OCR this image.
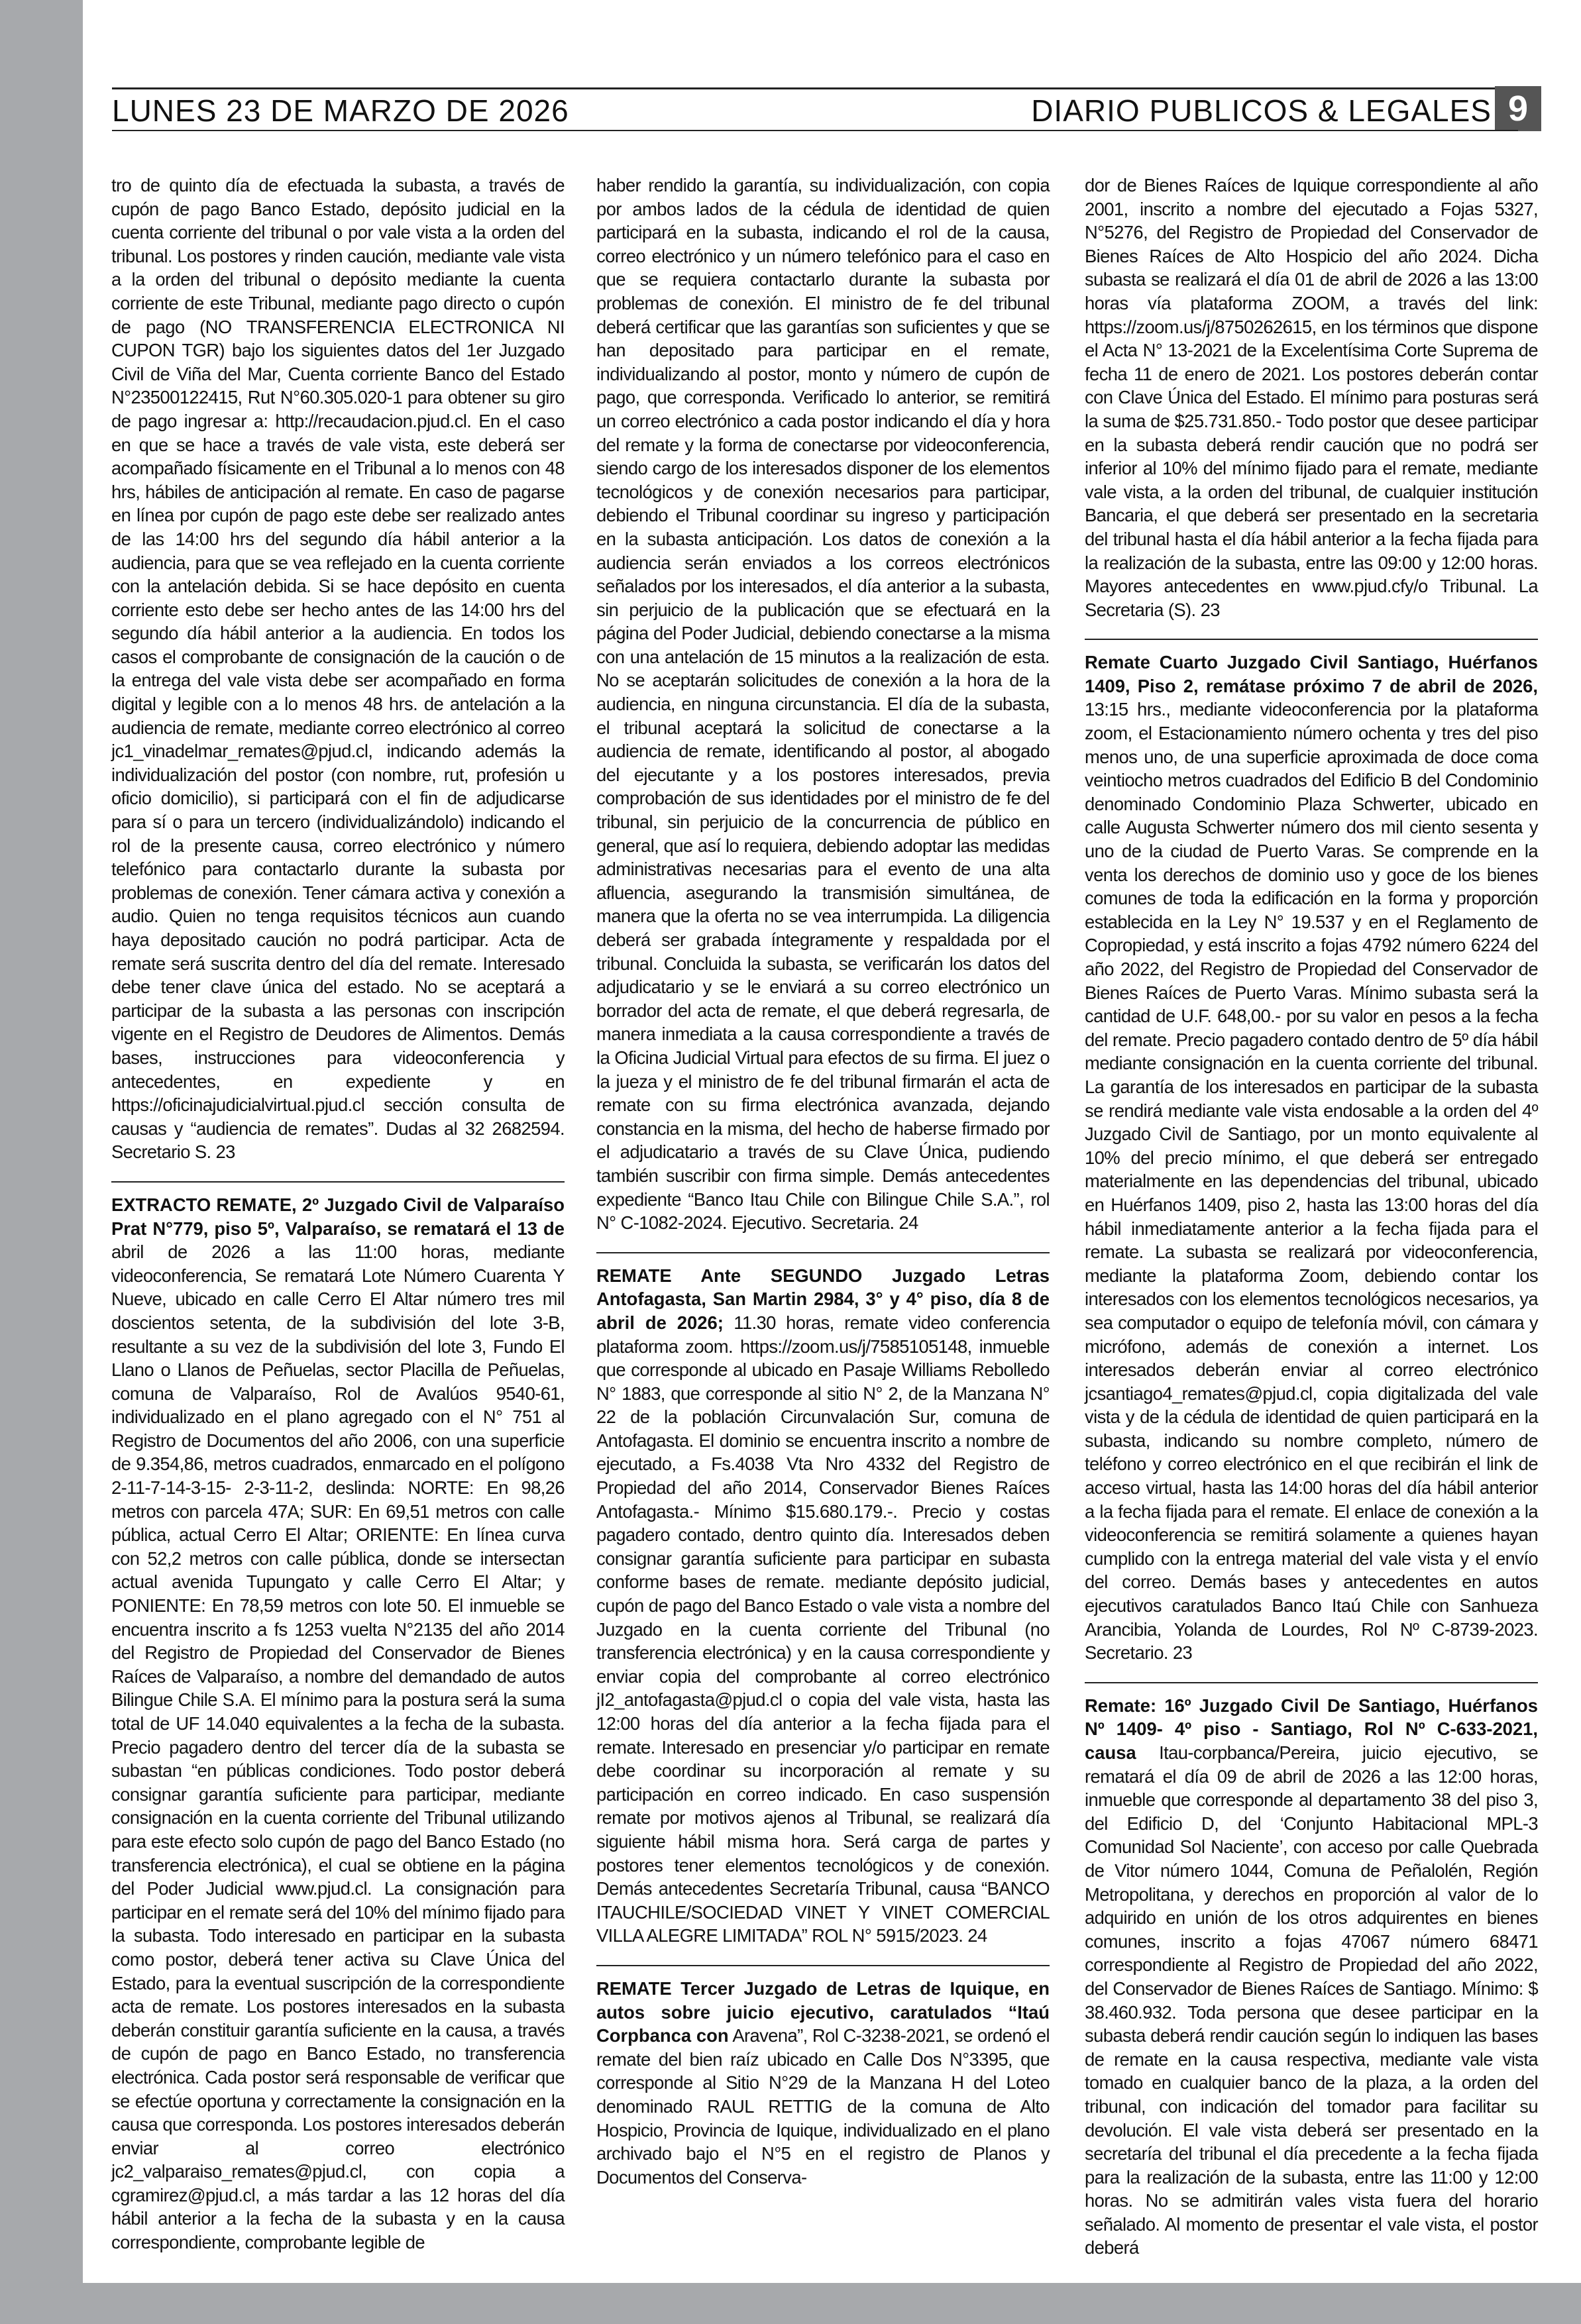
LUNES 23 DE MARZO DE 2026	DIARIO PUBLICOS & LEGALES 9

tro de quinto día de efectuada la subasta, a través de cupón de pago Banco Estado, depósito judicial en la cuenta corriente del tribunal o por vale vista a la orden del tribunal. Los postores y rinden caución, mediante vale vista a la orden del tribunal o depósito mediante la cuenta corriente de este Tribunal, mediante pago directo o cupón de pago (NO TRANSFERENCIA ELECTRONICA NI CUPON TGR) bajo los siguientes datos del 1er Juzgado Civil de Viña del Mar, Cuenta corriente Banco del Estado N°23500122415, Rut N°60.305.020-1 para obtener su giro de pago ingresar a: http://recaudacion.pjud.cl. En el caso en que se hace a través de vale vista, este deberá ser acompañado físicamente en el Tribunal a lo menos con 48 hrs, hábiles de anticipación al remate. En caso de pagarse en línea por cupón de pago este debe ser realizado antes de las 14:00 hrs del segundo día hábil anterior a la audiencia, para que se vea reflejado en la cuenta corriente con la antelación debida. Si se hace depósito en cuenta corriente esto debe ser hecho antes de las 14:00 hrs del segundo día hábil anterior a la audiencia. En todos los casos el comprobante de consignación de la caución o de la entrega del vale vista debe ser acompañado en forma digital y legible con a lo menos 48 hrs. de antelación a la audiencia de remate, mediante correo electrónico al correo jc1_vinadelmar_remates@pjud.cl, indicando además la individualización del postor (con nombre, rut, profesión u oficio domicilio), si participará con el fin de adjudicarse para sí o para un tercero (individualizándolo) indicando el rol de la presente causa, correo electrónico y número telefónico para contactarlo durante la subasta por problemas de conexión. Tener cámara activa y conexión a audio. Quien no tenga requisitos técnicos aun cuando haya depositado caución no podrá participar. Acta de remate será suscrita dentro del día del remate. Interesado debe tener clave única del estado. No se aceptará a participar de la subasta a las personas con inscripción vigente en el Registro de Deudores de Alimentos. Demás bases, instrucciones para videoconferencia y antecedentes, en expediente y en https://oficinajudicialvirtual.pjud.cl sección consulta de causas y “audiencia de remates”. Dudas al 32 2682594. Secretario S. 23

EXTRACTO REMATE, 2º Juzgado Civil de Valparaíso Prat N°779, piso 5º, Valparaíso, se rematará el 13 de abril de 2026 a las 11:00 horas, mediante videoconferencia, Se rematará Lote Número Cuarenta Y Nueve, ubicado en calle Cerro El Altar número tres mil doscientos setenta, de la subdivisión del lote 3-B, resultante a su vez de la subdivisión del lote 3, Fundo El Llano o Llanos de Peñuelas, sector Placilla de Peñuelas, comuna de Valparaíso, Rol de Avalúos 9540-61, individualizado en el plano agregado con el N° 751 al Registro de Documentos del año 2006, con una superficie de 9.354,86, metros cuadrados, enmarcado en el polígono 2-11-7-14-3-15- 2-3-11-2, deslinda: NORTE: En 98,26 metros con parcela 47A; SUR: En 69,51 metros con calle pública, actual Cerro El Altar; ORIENTE: En línea curva con 52,2 metros con calle pública, donde se intersectan actual avenida Tupungato y calle Cerro El Altar; y PONIENTE: En 78,59 metros con lote 50. El inmueble se encuentra inscrito a fs 1253 vuelta N°2135 del año 2014 del Registro de Propiedad del Conservador de Bienes Raíces de Valparaíso, a nombre del demandado de autos Bilingue Chile S.A. El mínimo para la postura será la suma total de UF 14.040 equivalentes a la fecha de la subasta. Precio pagadero dentro del tercer día de la subasta se subastan “en públicas condiciones. Todo postor deberá consignar garantía suficiente para participar, mediante consignación en la cuenta corriente del Tribunal utilizando para este efecto solo cupón de pago del Banco Estado (no transferencia electrónica), el cual se obtiene en la página del Poder Judicial www.pjud.cl. La consignación para participar en el remate será del 10% del mínimo fijado para la subasta. Todo interesado en participar en la subasta como postor, deberá tener activa su Clave Única del Estado, para la eventual suscripción de la correspondiente acta de remate. Los postores interesados en la subasta deberán constituir garantía suficiente en la causa, a través de cupón de pago en Banco Estado, no transferencia electrónica. Cada postor será responsable de verificar que se efectúe oportuna y correctamente la consignación en la causa que corresponda. Los postores interesados deberán enviar al correo electrónico jc2_valparaiso_remates@pjud.cl, con copia a cgramirez@pjud.cl, a más tardar a las 12 horas del día hábil anterior a la fecha de la subasta y en la causa correspondiente, comprobante legible de

haber rendido la garantía, su individualización, con copia por ambos lados de la cédula de identidad de quien participará en la subasta, indicando el rol de la causa, correo electrónico y un número telefónico para el caso en que se requiera contactarlo durante la subasta por problemas de conexión. El ministro de fe del tribunal deberá certificar que las garantías son suficientes y que se han depositado para participar en el remate, individualizando al postor, monto y número de cupón de pago, que corresponda. Verificado lo anterior, se remitirá un correo electrónico a cada postor indicando el día y hora del remate y la forma de conectarse por videoconferencia, siendo cargo de los interesados disponer de los elementos tecnológicos y de conexión necesarios para participar, debiendo el Tribunal coordinar su ingreso y participación en la subasta anticipación. Los datos de conexión a la audiencia serán enviados a los correos electrónicos señalados por los interesados, el día anterior a la subasta, sin perjuicio de la publicación que se efectuará en la página del Poder Judicial, debiendo conectarse a la misma con una antelación de 15 minutos a la realización de esta. No se aceptarán solicitudes de conexión a la hora de la audiencia, en ninguna circunstancia. El día de la subasta, el tribunal aceptará la solicitud de conectarse a la audiencia de remate, identificando al postor, al abogado del ejecutante y a los postores interesados, previa comprobación de sus identidades por el ministro de fe del tribunal, sin perjuicio de la concurrencia de público en general, que así lo requiera, debiendo adoptar las medidas administrativas necesarias para el evento de una alta afluencia, asegurando la transmisión simultánea, de manera que la oferta no se vea interrumpida. La diligencia deberá ser grabada íntegramente y respaldada por el tribunal. Concluida la subasta, se verificarán los datos del adjudicatario y se le enviará a su correo electrónico un borrador del acta de remate, el que deberá regresarla, de manera inmediata a la causa correspondiente a través de la Oficina Judicial Virtual para efectos de su firma. El juez o la jueza y el ministro de fe del tribunal firmarán el acta de remate con su firma electrónica avanzada, dejando constancia en la misma, del hecho de haberse firmado por el adjudicatario a través de su Clave Única, pudiendo también suscribir con firma simple. Demás antecedentes expediente “Banco Itau Chile con Bilingue Chile S.A.”, rol N° C-1082-2024. Ejecutivo. Secretaria. 24

REMATE Ante SEGUNDO Juzgado Letras Antofagasta, San Martin 2984, 3° y 4° piso, día 8 de abril de 2026; 11.30 horas, remate video conferencia plataforma zoom. https://zoom.us/j/7585105148, inmueble que corresponde al ubicado en Pasaje Williams Rebolledo N° 1883, que corresponde al sitio N° 2, de la Manzana N° 22 de la población Circunvalación Sur, comuna de Antofagasta. El dominio se encuentra inscrito a nombre de ejecutado, a Fs.4038 Vta Nro 4332 del Registro de Propiedad del año 2014, Conservador Bienes Raíces Antofagasta.- Mínimo $15.680.179.-. Precio y costas pagadero contado, dentro quinto día. Interesados deben consignar garantía suficiente para participar en subasta conforme bases de remate. mediante depósito judicial, cupón de pago del Banco Estado o vale vista a nombre del Juzgado en la cuenta corriente del Tribunal (no transferencia electrónica) y en la causa correspondiente y enviar copia del comprobante al correo electrónico jI2_antofagasta@pjud.cl o copia del vale vista, hasta las 12:00 horas del día anterior a la fecha fijada para el remate. Interesado en presenciar y/o participar en remate debe coordinar su incorporación al remate y su participación en correo indicado. En caso suspensión remate por motivos ajenos al Tribunal, se realizará día siguiente hábil misma hora. Será carga de partes y postores tener elementos tecnológicos y de conexión. Demás antecedentes Secretaría Tribunal, causa “BANCO ITAUCHILE/SOCIEDAD VINET Y VINET COMERCIAL VILLA ALEGRE LIMITADA” ROL N° 5915/2023. 24

REMATE Tercer Juzgado de Letras de Iquique, en autos sobre juicio ejecutivo, caratulados “Itaú Corpbanca con Aravena”, Rol C-3238-2021, se ordenó el remate del bien raíz ubicado en Calle Dos N°3395, que corresponde al Sitio N°29 de la Manzana H del Loteo denominado RAUL RETTIG de la comuna de Alto Hospicio, Provincia de Iquique, individualizado en el plano archivado bajo el N°5 en el registro de Planos y Documentos del Conserva-

dor de Bienes Raíces de Iquique correspondiente al año 2001, inscrito a nombre del ejecutado a Fojas 5327, N°5276, del Registro de Propiedad del Conservador de Bienes Raíces de Alto Hospicio del año 2024. Dicha subasta se realizará el día 01 de abril de 2026 a las 13:00 horas vía plataforma ZOOM, a través del link: https://zoom.us/j/8750262615, en los términos que dispone el Acta N° 13-2021 de la Excelentísima Corte Suprema de fecha 11 de enero de 2021. Los postores deberán contar con Clave Única del Estado. El mínimo para posturas será la suma de $25.731.850.- Todo postor que desee participar en la subasta deberá rendir caución que no podrá ser inferior al 10% del mínimo fijado para el remate, mediante vale vista, a la orden del tribunal, de cualquier institución Bancaria, el que deberá ser presentado en la secretaria del tribunal hasta el día hábil anterior a la fecha fijada para la realización de la subasta, entre las 09:00 y 12:00 horas. Mayores antecedentes en www.pjud.cfy/o Tribunal. La Secretaria (S). 23

Remate Cuarto Juzgado Civil Santiago, Huérfanos 1409, Piso 2, remátase próximo 7 de abril de 2026, 13:15 hrs., mediante videoconferencia por la plataforma zoom, el Estacionamiento número ochenta y tres del piso menos uno, de una superficie aproximada de doce coma veintiocho metros cuadrados del Edificio B del Condominio denominado Condominio Plaza Schwerter, ubicado en calle Augusta Schwerter número dos mil ciento sesenta y uno de la ciudad de Puerto Varas. Se comprende en la venta los derechos de dominio uso y goce de los bienes comunes de toda la edificación en la forma y proporción establecida en la Ley N° 19.537 y en el Reglamento de Copropiedad, y está inscrito a fojas 4792 número 6224 del año 2022, del Registro de Propiedad del Conservador de Bienes Raíces de Puerto Varas. Mínimo subasta será la cantidad de U.F. 648,00.- por su valor en pesos a la fecha del remate. Precio pagadero contado dentro de 5º día hábil mediante consignación en la cuenta corriente del tribunal. La garantía de los interesados en participar de la subasta se rendirá mediante vale vista endosable a la orden del 4º Juzgado Civil de Santiago, por un monto equivalente al 10% del precio mínimo, el que deberá ser entregado materialmente en las dependencias del tribunal, ubicado en Huérfanos 1409, piso 2, hasta las 13:00 horas del día hábil inmediatamente anterior a la fecha fijada para el remate. La subasta se realizará por videoconferencia, mediante la plataforma Zoom, debiendo contar los interesados con los elementos tecnológicos necesarios, ya sea computador o equipo de telefonía móvil, con cámara y micrófono, además de conexión a internet. Los interesados deberán enviar al correo electrónico jcsantiago4_remates@pjud.cl, copia digitalizada del vale vista y de la cédula de identidad de quien participará en la subasta, indicando su nombre completo, número de teléfono y correo electrónico en el que recibirán el link de acceso virtual, hasta las 14:00 horas del día hábil anterior a la fecha fijada para el remate. El enlace de conexión a la videoconferencia se remitirá solamente a quienes hayan cumplido con la entrega material del vale vista y el envío del correo. Demás bases y antecedentes en autos ejecutivos caratulados Banco Itaú Chile con Sanhueza Arancibia, Yolanda de Lourdes, Rol Nº C-8739-2023. Secretario. 23

Remate: 16º Juzgado Civil De Santiago, Huérfanos Nº 1409- 4º piso - Santiago, Rol Nº C-633-2021, causa Itau-corpbanca/Pereira, juicio ejecutivo, se rematará el día 09 de abril de 2026 a las 12:00 horas, inmueble que corresponde al departamento 38 del piso 3, del Edificio D, del ‘Conjunto Habitacional MPL-3 Comunidad Sol Naciente’, con acceso por calle Quebrada de Vitor número 1044, Comuna de Peñalolén, Región Metropolitana, y derechos en proporción al valor de lo adquirido en unión de los otros adquirentes en bienes comunes, inscrito a fojas 47067 número 68471 correspondiente al Registro de Propiedad del año 2022, del Conservador de Bienes Raíces de Santiago. Mínimo: $ 38.460.932. Toda persona que desee participar en la subasta deberá rendir caución según lo indiquen las bases de remate en la causa respectiva, mediante vale vista tomado en cualquier banco de la plaza, a la orden del tribunal, con indicación del tomador para facilitar su devolución. El vale vista deberá ser presentado en la secretaría del tribunal el día precedente a la fecha fijada para la realización de la subasta, entre las 11:00 y 12:00 horas. No se admitirán vales vista fuera del horario señalado. Al momento de presentar el vale vista, el postor deberá
